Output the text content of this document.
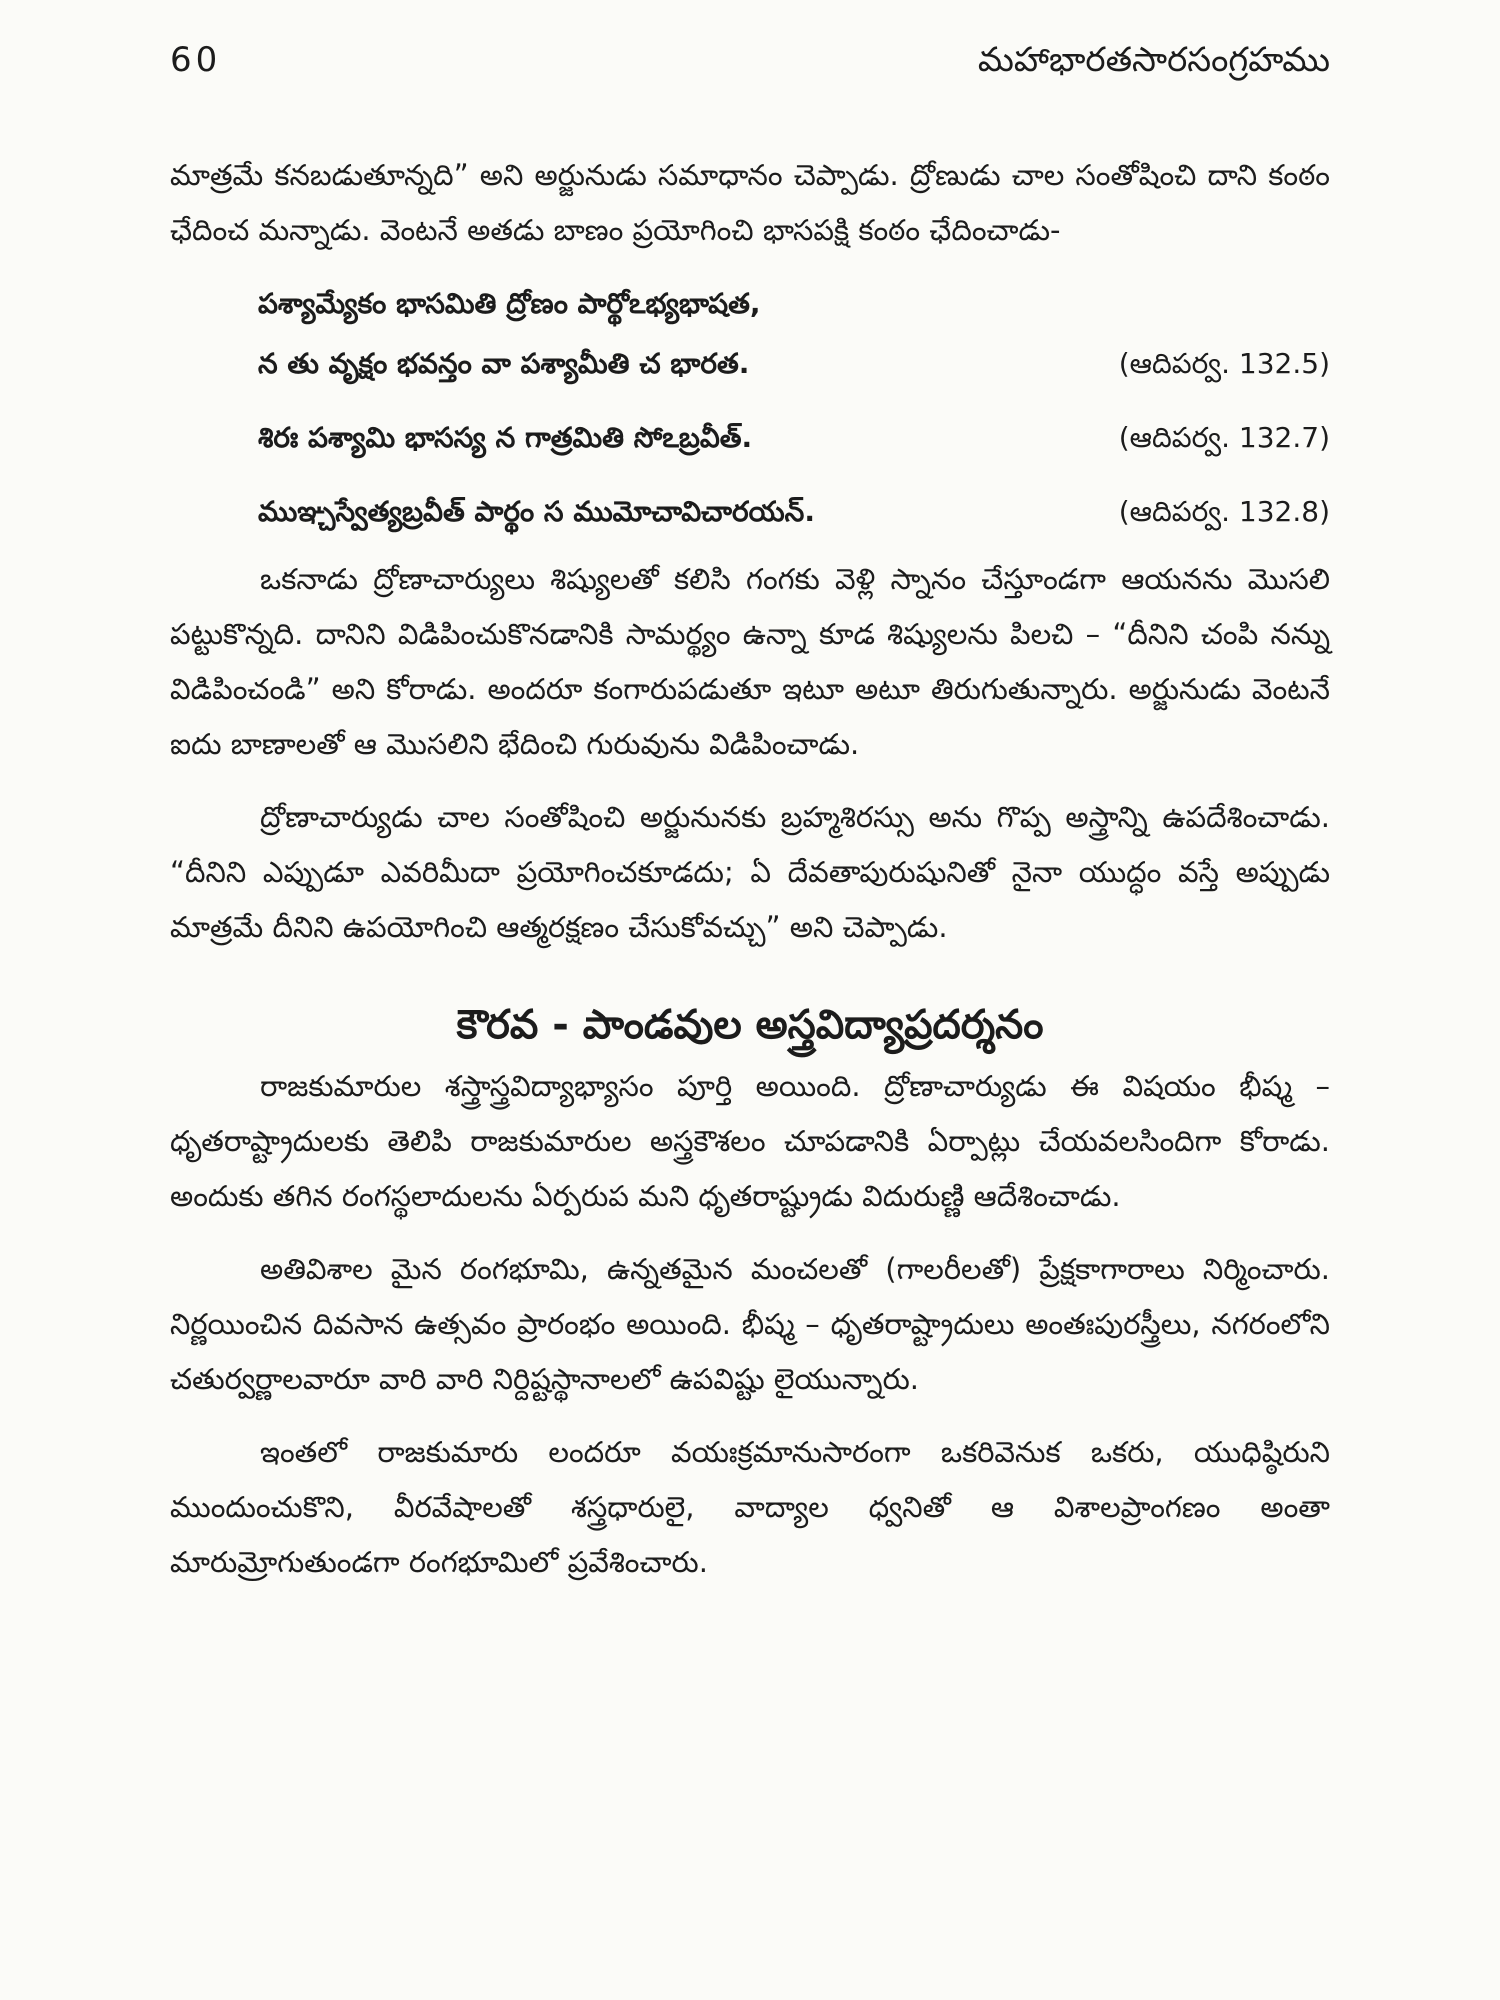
60	మహాభారతసారసంగ్రహము

మాత్రమే కనబడుతూన్నది” అని అర్జునుడు సమాధానం చెప్పాడు. ద్రోణుడు చాల సంతోషించి దాని కంఠం ఛేదించ మన్నాడు. వెంటనే అతడు బాణం ప్రయోగించి భాసపక్షి కంఠం ఛేదించాడు-

పశ్యామ్యేకం భాసమితి ద్రోణం పార్థోఽభ్యభాషత,
న తు వృక్షం భవన్తం వా పశ్యామీతి చ భారత.	(ఆదిపర్వ. 132.5)
శిరః పశ్యామి భాసస్య న గాత్రమితి సోఽబ్రవీత్.	(ఆదిపర్వ. 132.7)
ముఞ్చస్వేత్యబ్రవీత్ పార్థం స ముమోచావిచారయన్.	(ఆదిపర్వ. 132.8)

ఒకనాడు ద్రోణాచార్యులు శిష్యులతో కలిసి గంగకు వెళ్లి స్నానం చేస్తూండగా ఆయనను మొసలి పట్టుకొన్నది. దానిని విడిపించుకొనడానికి సామర్థ్యం ఉన్నా కూడ శిష్యులను పిలచి – “దీనిని చంపి నన్ను విడిపించండి” అని కోరాడు. అందరూ కంగారుపడుతూ ఇటూ అటూ తిరుగుతున్నారు. అర్జునుడు వెంటనే ఐదు బాణాలతో ఆ మొసలిని భేదించి గురువును విడిపించాడు.

ద్రోణాచార్యుడు చాల సంతోషించి అర్జునునకు బ్రహ్మశిరస్సు అను గొప్ప అస్త్రాన్ని ఉపదేశించాడు. “దీనిని ఎప్పుడూ ఎవరిమీదా ప్రయోగించకూడదు; ఏ దేవతాపురుషునితో నైనా యుద్ధం వస్తే అప్పుడు మాత్రమే దీనిని ఉపయోగించి ఆత్మరక్షణం చేసుకోవచ్చు” అని చెప్పాడు.

కౌరవ - పాండవుల అస్త్రవిద్యాప్రదర్శనం

రాజకుమారుల శస్త్రాస్త్రవిద్యాభ్యాసం పూర్తి అయింది. ద్రోణాచార్యుడు ఈ విషయం భీష్మ – ధృతరాష్ట్రాదులకు తెలిపి రాజకుమారుల అస్త్రకౌశలం చూపడానికి ఏర్పాట్లు చేయవలసిందిగా కోరాడు. అందుకు తగిన రంగస్థలాదులను ఏర్పరుప మని ధృతరాష్ట్రుడు విదురుణ్ణి ఆదేశించాడు.

అతివిశాల మైన రంగభూమి, ఉన్నతమైన మంచలతో (గాలరీలతో) ప్రేక్షకాగారాలు నిర్మించారు. నిర్ణయించిన దివసాన ఉత్సవం ప్రారంభం అయింది. భీష్మ – ధృతరాష్ట్రాదులు అంతఃపురస్త్రీలు, నగరంలోని చతుర్వర్ణాలవారూ వారి వారి నిర్దిష్టస్థానాలలో ఉపవిష్టు లైయున్నారు.

ఇంతలో రాజకుమారు లందరూ వయఃక్రమానుసారంగా ఒకరివెనుక ఒకరు, యుధిష్ఠిరుని ముందుంచుకొని, వీరవేషాలతో శస్త్రధారులై, వాద్యాల ధ్వనితో ఆ విశాలప్రాంగణం అంతా మారుమ్రోగుతుండగా రంగభూమిలో ప్రవేశించారు.
